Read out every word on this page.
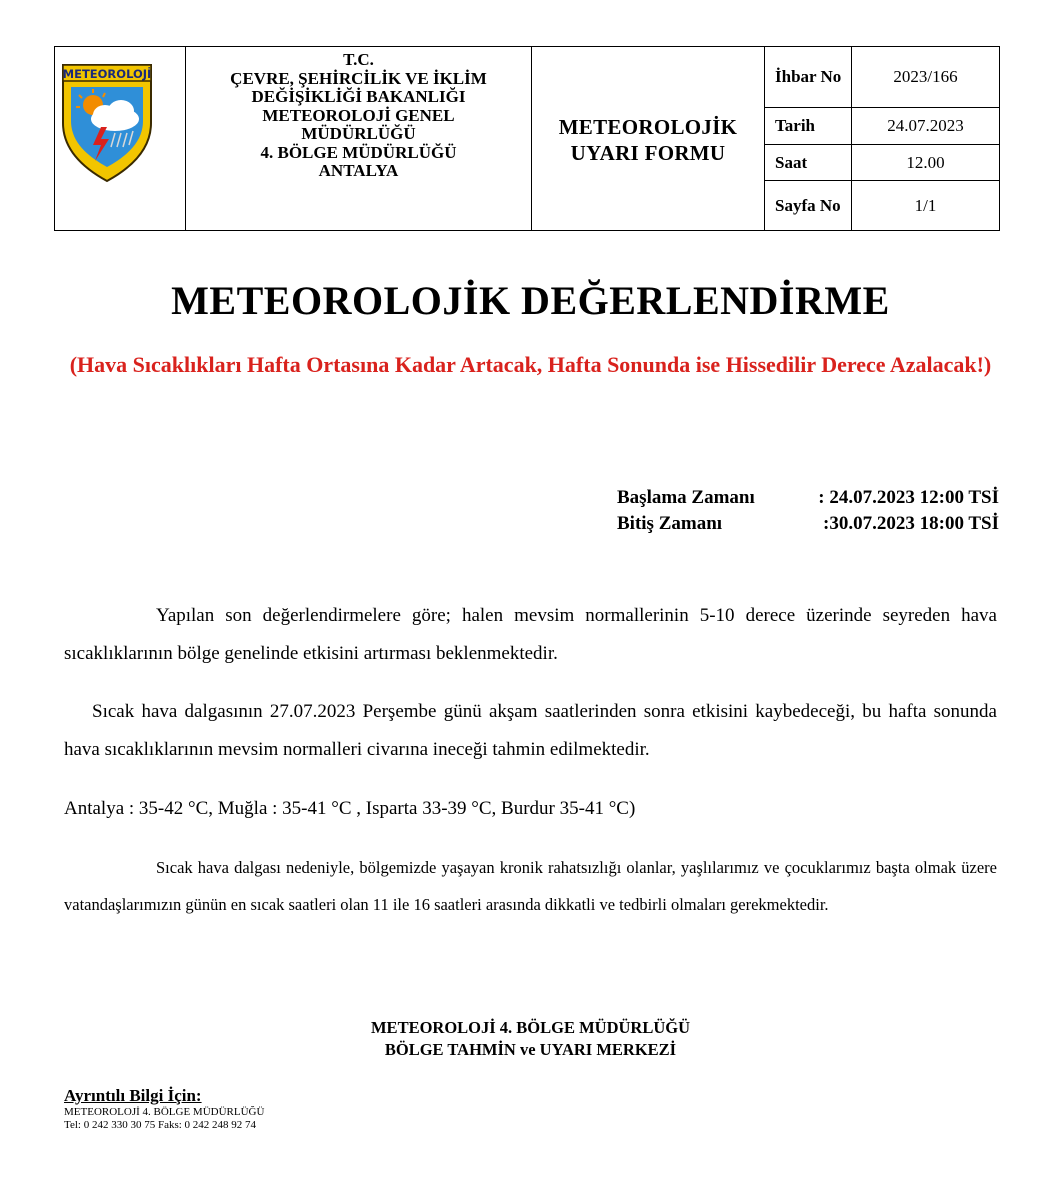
METEOROLOJİ
T.C.
ÇEVRE, ŞEHİRCİLİK VE İKLİM
DEĞİŞİKLİĞİ BAKANLIĞI
METEOROLOJİ GENEL
MÜDÜRLÜĞÜ
4. BÖLGE MÜDÜRLÜĞÜ
ANTALYA
METEOROLOJİK
UYARI FORMU
İhbar No	2023/166
Tarih	24.07.2023
Saat	12.00
Sayfa No	1/1
METEOROLOJİK DEĞERLENDİRME
(Hava Sıcaklıkları Hafta Ortasına Kadar Artacak, Hafta Sonunda ise Hissedilir Derece Azalacak!)
Başlama Zamanı	: 24.07.2023 12:00 TSİ
Bitiş Zamanı	:30.07.2023 18:00 TSİ
Yapılan son değerlendirmelere göre; halen mevsim normallerinin 5-10 derece üzerinde seyreden hava sıcaklıklarının bölge genelinde etkisini artırması beklenmektedir.
Sıcak hava dalgasının 27.07.2023 Perşembe günü akşam saatlerinden sonra etkisini kaybedeceği, bu hafta sonunda hava sıcaklıklarının mevsim normalleri civarına ineceği tahmin edilmektedir.
Antalya : 35-42 °C, Muğla : 35-41 °C , Isparta 33-39 °C, Burdur 35-41 °C)
Sıcak hava dalgası nedeniyle, bölgemizde yaşayan kronik rahatsızlığı olanlar, yaşlılarımız ve çocuklarımız başta olmak üzere vatandaşlarımızın günün en sıcak saatleri olan 11 ile 16 saatleri arasında dikkatli ve tedbirli olmaları gerekmektedir.
METEOROLOJİ 4. BÖLGE MÜDÜRLÜĞÜ
BÖLGE TAHMİN ve UYARI MERKEZİ
Ayrıntılı Bilgi İçin:
METEOROLOJİ 4. BÖLGE MÜDÜRLÜĞÜ
Tel: 0 242 330 30 75 Faks: 0 242 248 92 74
